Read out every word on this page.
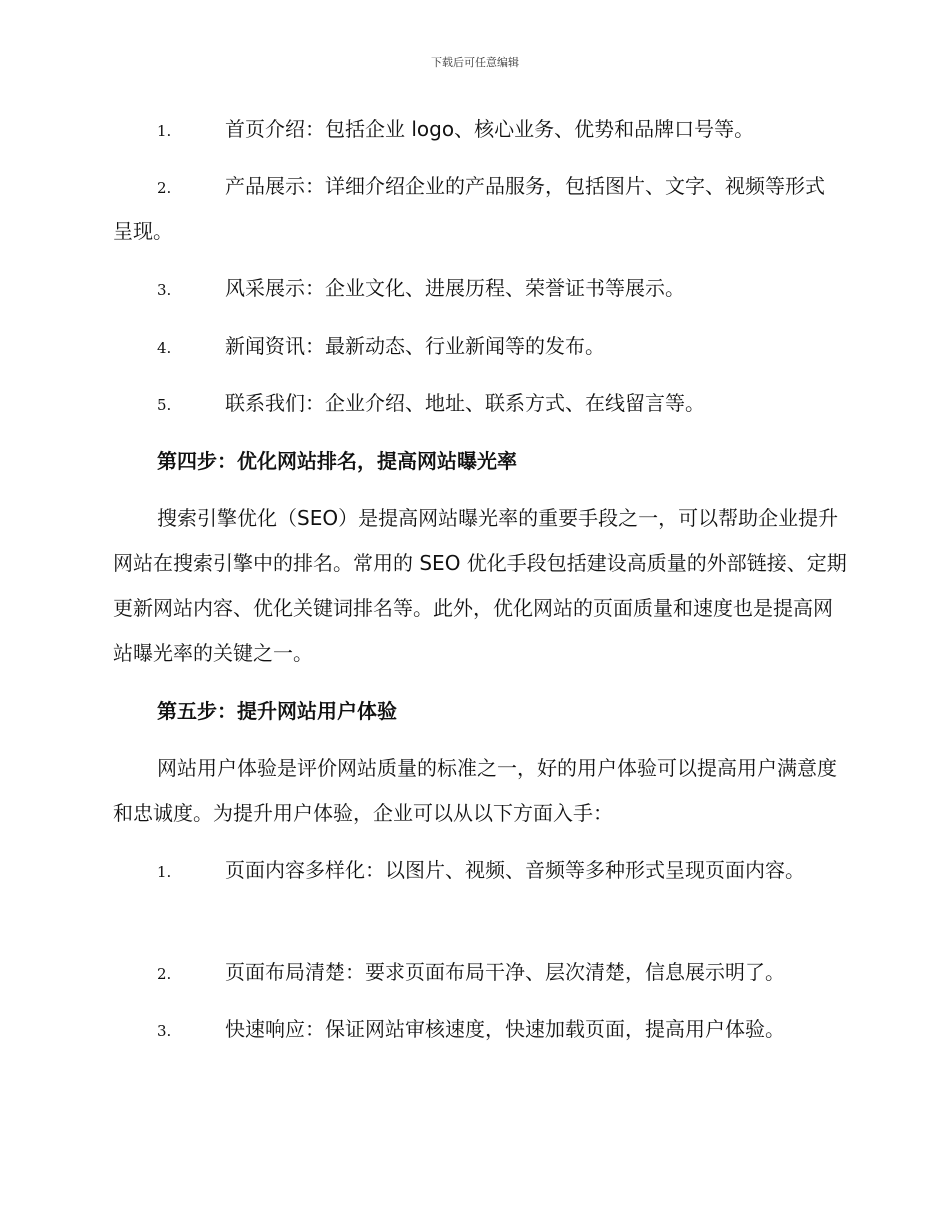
下载后可任意编辑

1.	首页介绍：包括企业 logo、核心业务、优势和品牌口号等。

2.	产品展示：详细介绍企业的产品服务，包括图片、文字、视频等形式呈现。

3.	风采展示：企业文化、进展历程、荣誉证书等展示。

4.	新闻资讯：最新动态、行业新闻等的发布。

5.	联系我们：企业介绍、地址、联系方式、在线留言等。

第四步：优化网站排名，提高网站曝光率

搜索引擎优化（SEO）是提高网站曝光率的重要手段之一，可以帮助企业提升网站在搜索引擎中的排名。常用的 SEO 优化手段包括建设高质量的外部链接、定期更新网站内容、优化关键词排名等。此外，优化网站的页面质量和速度也是提高网站曝光率的关键之一。

第五步：提升网站用户体验

网站用户体验是评价网站质量的标准之一，好的用户体验可以提高用户满意度和忠诚度。为提升用户体验，企业可以从以下方面入手：

1.	页面内容多样化：以图片、视频、音频等多种形式呈现页面内容。

2.	页面布局清楚：要求页面布局干净、层次清楚，信息展示明了。

3.	快速响应：保证网站审核速度，快速加载页面，提高用户体验。
